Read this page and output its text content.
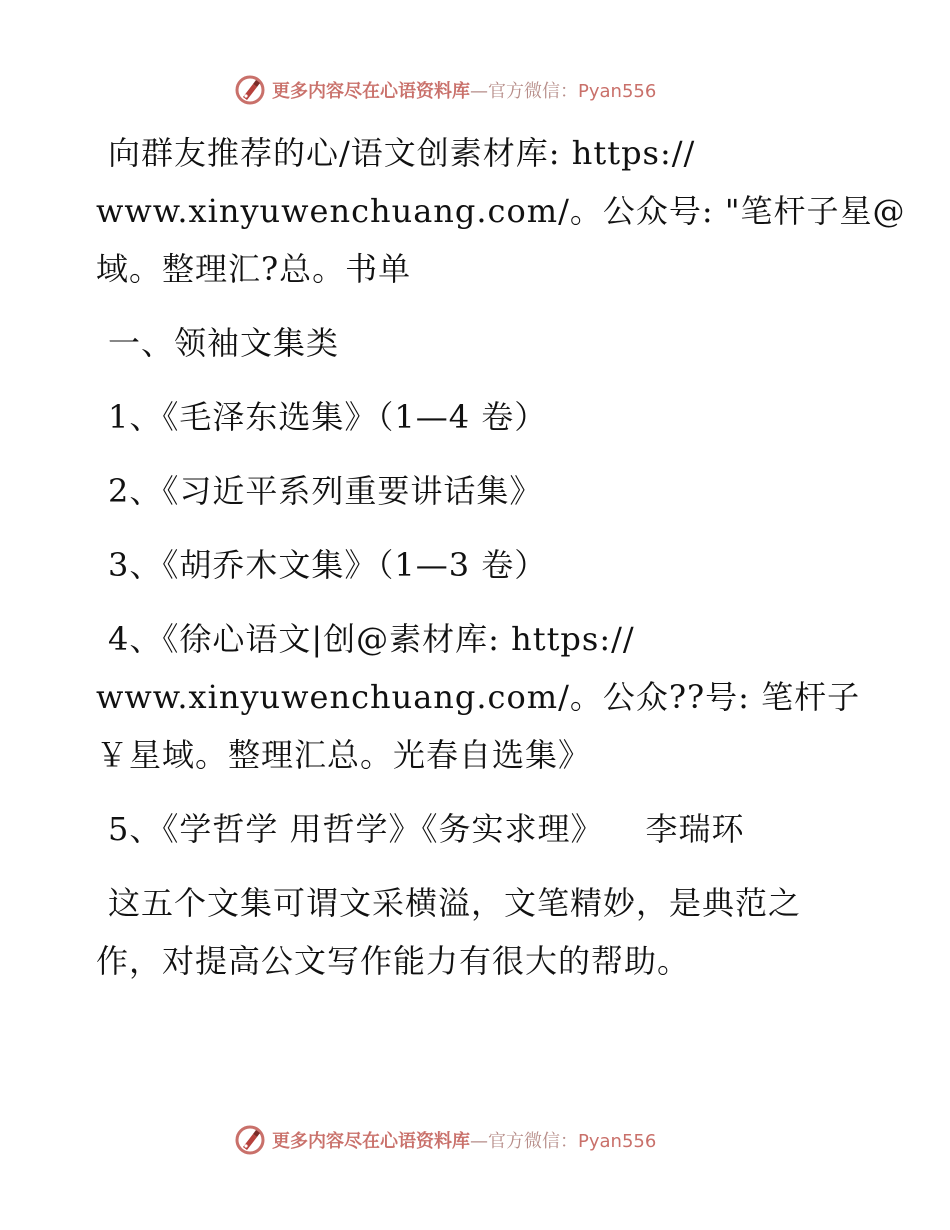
更多内容尽在心语资料库—官方微信：Pyan556

向群友推荐的心/语文创素材库: https://

www.xinyuwenchuang.com/。公众号: "笔杆子星@

域。整理汇?总。书单

一、领袖文集类

1、《毛泽东选集》（1—4 卷）

2、《习近平系列重要讲话集》

3、《胡乔木文集》（1—3 卷）

4、《徐心语文|创@素材库: https://

www.xinyuwenchuang.com/。公众??号: 笔杆子

￥星域。整理汇总。光春自选集》

5、《学哲学 用哲学》《务实求理》 李瑞环

这五个文集可谓文采横溢，文笔精妙，是典范之

作，对提高公文写作能力有很大的帮助。

更多内容尽在心语资料库—官方微信：Pyan556
